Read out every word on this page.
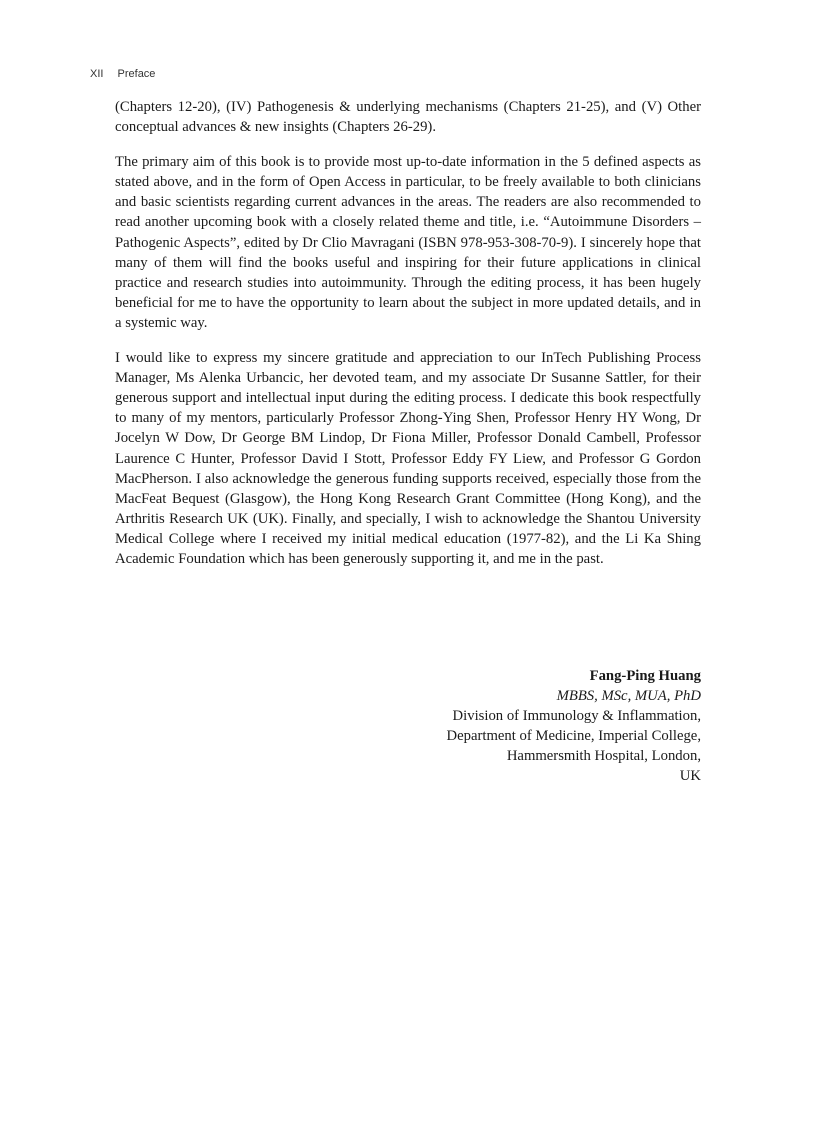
XII Preface

(Chapters 12-20), (IV) Pathogenesis & underlying mechanisms (Chapters 21-25), and (V) Other conceptual advances & new insights (Chapters 26-29).

The primary aim of this book is to provide most up-to-date information in the 5 defined aspects as stated above, and in the form of Open Access in particular, to be freely available to both clinicians and basic scientists regarding current advances in the areas. The readers are also recommended to read another upcoming book with a closely related theme and title, i.e. “Autoimmune Disorders – Pathogenic Aspects”, edited by Dr Clio Mavragani (ISBN 978-953-308-70-9). I sincerely hope that many of them will find the books useful and inspiring for their future applications in clinical practice and research studies into autoimmunity. Through the editing process, it has been hugely beneficial for me to have the opportunity to learn about the subject in more updated details, and in a systemic way.

I would like to express my sincere gratitude and appreciation to our InTech Publishing Process Manager, Ms Alenka Urbancic, her devoted team, and my associate Dr Susanne Sattler, for their generous support and intellectual input during the editing process. I dedicate this book respectfully to many of my mentors, particularly Professor Zhong-Ying Shen, Professor Henry HY Wong, Dr Jocelyn W Dow, Dr George BM Lindop, Dr Fiona Miller, Professor Donald Cambell, Professor Laurence C Hunter, Professor David I Stott, Professor Eddy FY Liew, and Professor G Gordon MacPherson. I also acknowledge the generous funding supports received, especially those from the MacFeat Bequest (Glasgow), the Hong Kong Research Grant Committee (Hong Kong), and the Arthritis Research UK (UK). Finally, and specially, I wish to acknowledge the Shantou University Medical College where I received my initial medical education (1977-82), and the Li Ka Shing Academic Foundation which has been generously supporting it, and me in the past.

Fang-Ping Huang
MBBS, MSc, MUA, PhD
Division of Immunology & Inflammation,
Department of Medicine, Imperial College,
Hammersmith Hospital, London,
UK
